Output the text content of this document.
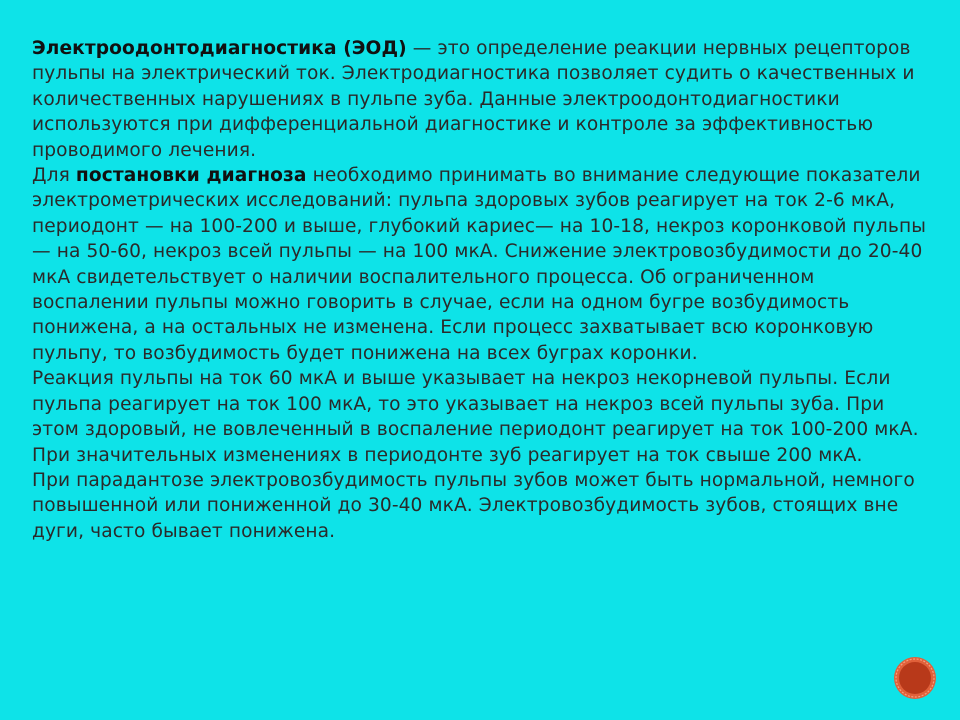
Электроодонтодиагностика (ЭОД) — это определение реакции нервных рецепторов пульпы на электрический ток. Электродиагностика позволяет судить о качественных и количественных нарушениях в пульпе зуба. Данные электроодонтодиагностики используются при дифференциальной диагностике и контроле за эффективностью проводимого лечения.

Для постановки диагноза необходимо принимать во внимание следующие показатели электрометрических исследований: пульпа здоровых зубов реагирует на ток 2-6 мкА, периодонт — на 100-200 и выше, глубокий кариес— на 10-18, некроз коронковой пульпы — на 50-60, некроз всей пульпы — на 100 мкА. Снижение электровозбудимости до 20-40 мкА свидетельствует о наличии воспалительного процесса. Об ограниченном воспалении пульпы можно говорить в случае, если на одном бугре возбудимость понижена, а на остальных не изменена. Если процесс захватывает всю коронковую пульпу, то возбудимость будет понижена на всех буграх коронки.

Реакция пульпы на ток 60 мкА и выше указывает на некроз некорневой пульпы. Если пульпа реагирует на ток 100 мкА, то это указывает на некроз всей пульпы зуба. При этом здоровый, не вовлеченный в воспаление периодонт реагирует на ток 100-200 мкА. При значительных изменениях в периодонте зуб реагирует на ток свыше 200 мкА.

При парадантозе электровозбудимость пульпы зубов может быть нормальной, немного повышенной или пониженной до 30-40 мкА. Электровозбудимость зубов, стоящих вне дуги, часто бывает понижена.
